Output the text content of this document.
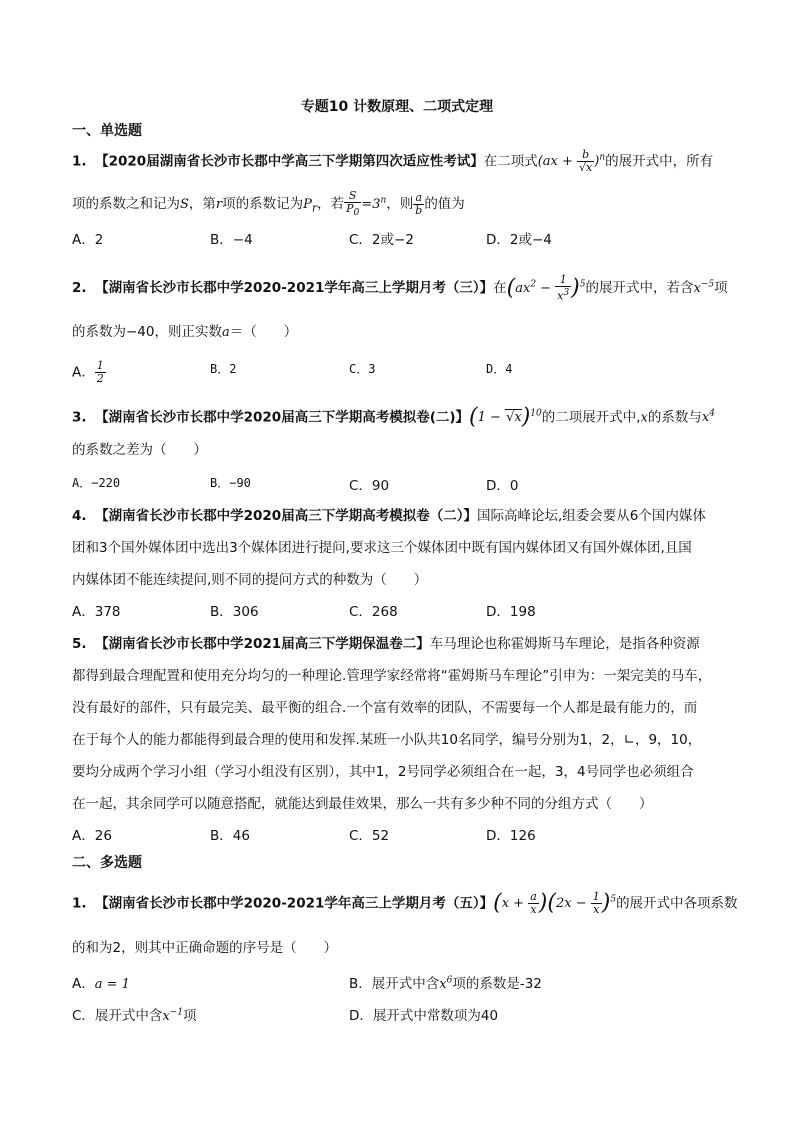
专题10 计数原理、二项式定理
一、单选题
1. 【2020届湖南省长沙市长郡中学高三下学期第四次适应性考试】在二项式$(ax + \frac{b}{√x} )^n$的展开式中，所有
项的系数之和记为S，第r项的系数记为$P_r$，若 $\frac{S}{P_0} =3^n$，则 $\frac{a}{b}$ 的值为
A．2	B．−4	C．2或−2	D．2或−4
2. 【湖南省长沙市长郡中学2020-2021学年高三上学期月考（三）】在$(ax^2 - \frac{1}{x^3} )^5$的展开式中，若含$x^{-5}$项
的系数为−40，则正实数a＝（　　）
A． $\frac{1}{2}$	B．2	C．3	D．4
3. 【湖南省长沙市长郡中学2020届高三下学期高考模拟卷(二)】$(1 - √x)^{10}$的二项展开式中,x的系数与$x^4$
的系数之差为（　　）
A．−220	B．−90	C．90	D．0
4. 【湖南省长沙市长郡中学2020届高三下学期高考模拟卷（二）】国际高峰论坛,组委会要从6个国内媒体
团和3个国外媒体团中选出3个媒体团进行提问,要求这三个媒体团中既有国内媒体团又有国外媒体团,且国
内媒体团不能连续提问,则不同的提问方式的种数为（　　）
A．378	B．306	C．268	D．198
5. 【湖南省长沙市长郡中学2021届高三下学期保温卷二】车马理论也称霍姆斯马车理论，是指各种资源
都得到最合理配置和使用充分均匀的一种理论.管理学家经常将“霍姆斯马车理论”引申为：一架完美的马车，
没有最好的部件，只有最完美、最平衡的组合.一个富有效率的团队，不需要每一个人都是最有能力的，而
在于每个人的能力都能得到最合理的使用和发挥.某班一小队共10名同学，编号分别为1，2，∟，9，10，
要均分成两个学习小组（学习小组没有区别），其中1，2号同学必须组合在一起，3，4号同学也必须组合
在一起，其余同学可以随意搭配，就能达到最佳效果，那么一共有多少种不同的分组方式（　　）
A．26	B．46	C．52	D．126
二、多选题
1. 【湖南省长沙市长郡中学2020-2021学年高三上学期月考（五）】$(x + \frac{a}{x} )(2x - \frac{1}{x} )^5$的展开式中各项系数
的和为2，则其中正确命题的序号是（　　）
A．a = 1	B．展开式中含$x^6$项的系数是-32
C．展开式中含$x^{-1}$项	D．展开式中常数项为40
